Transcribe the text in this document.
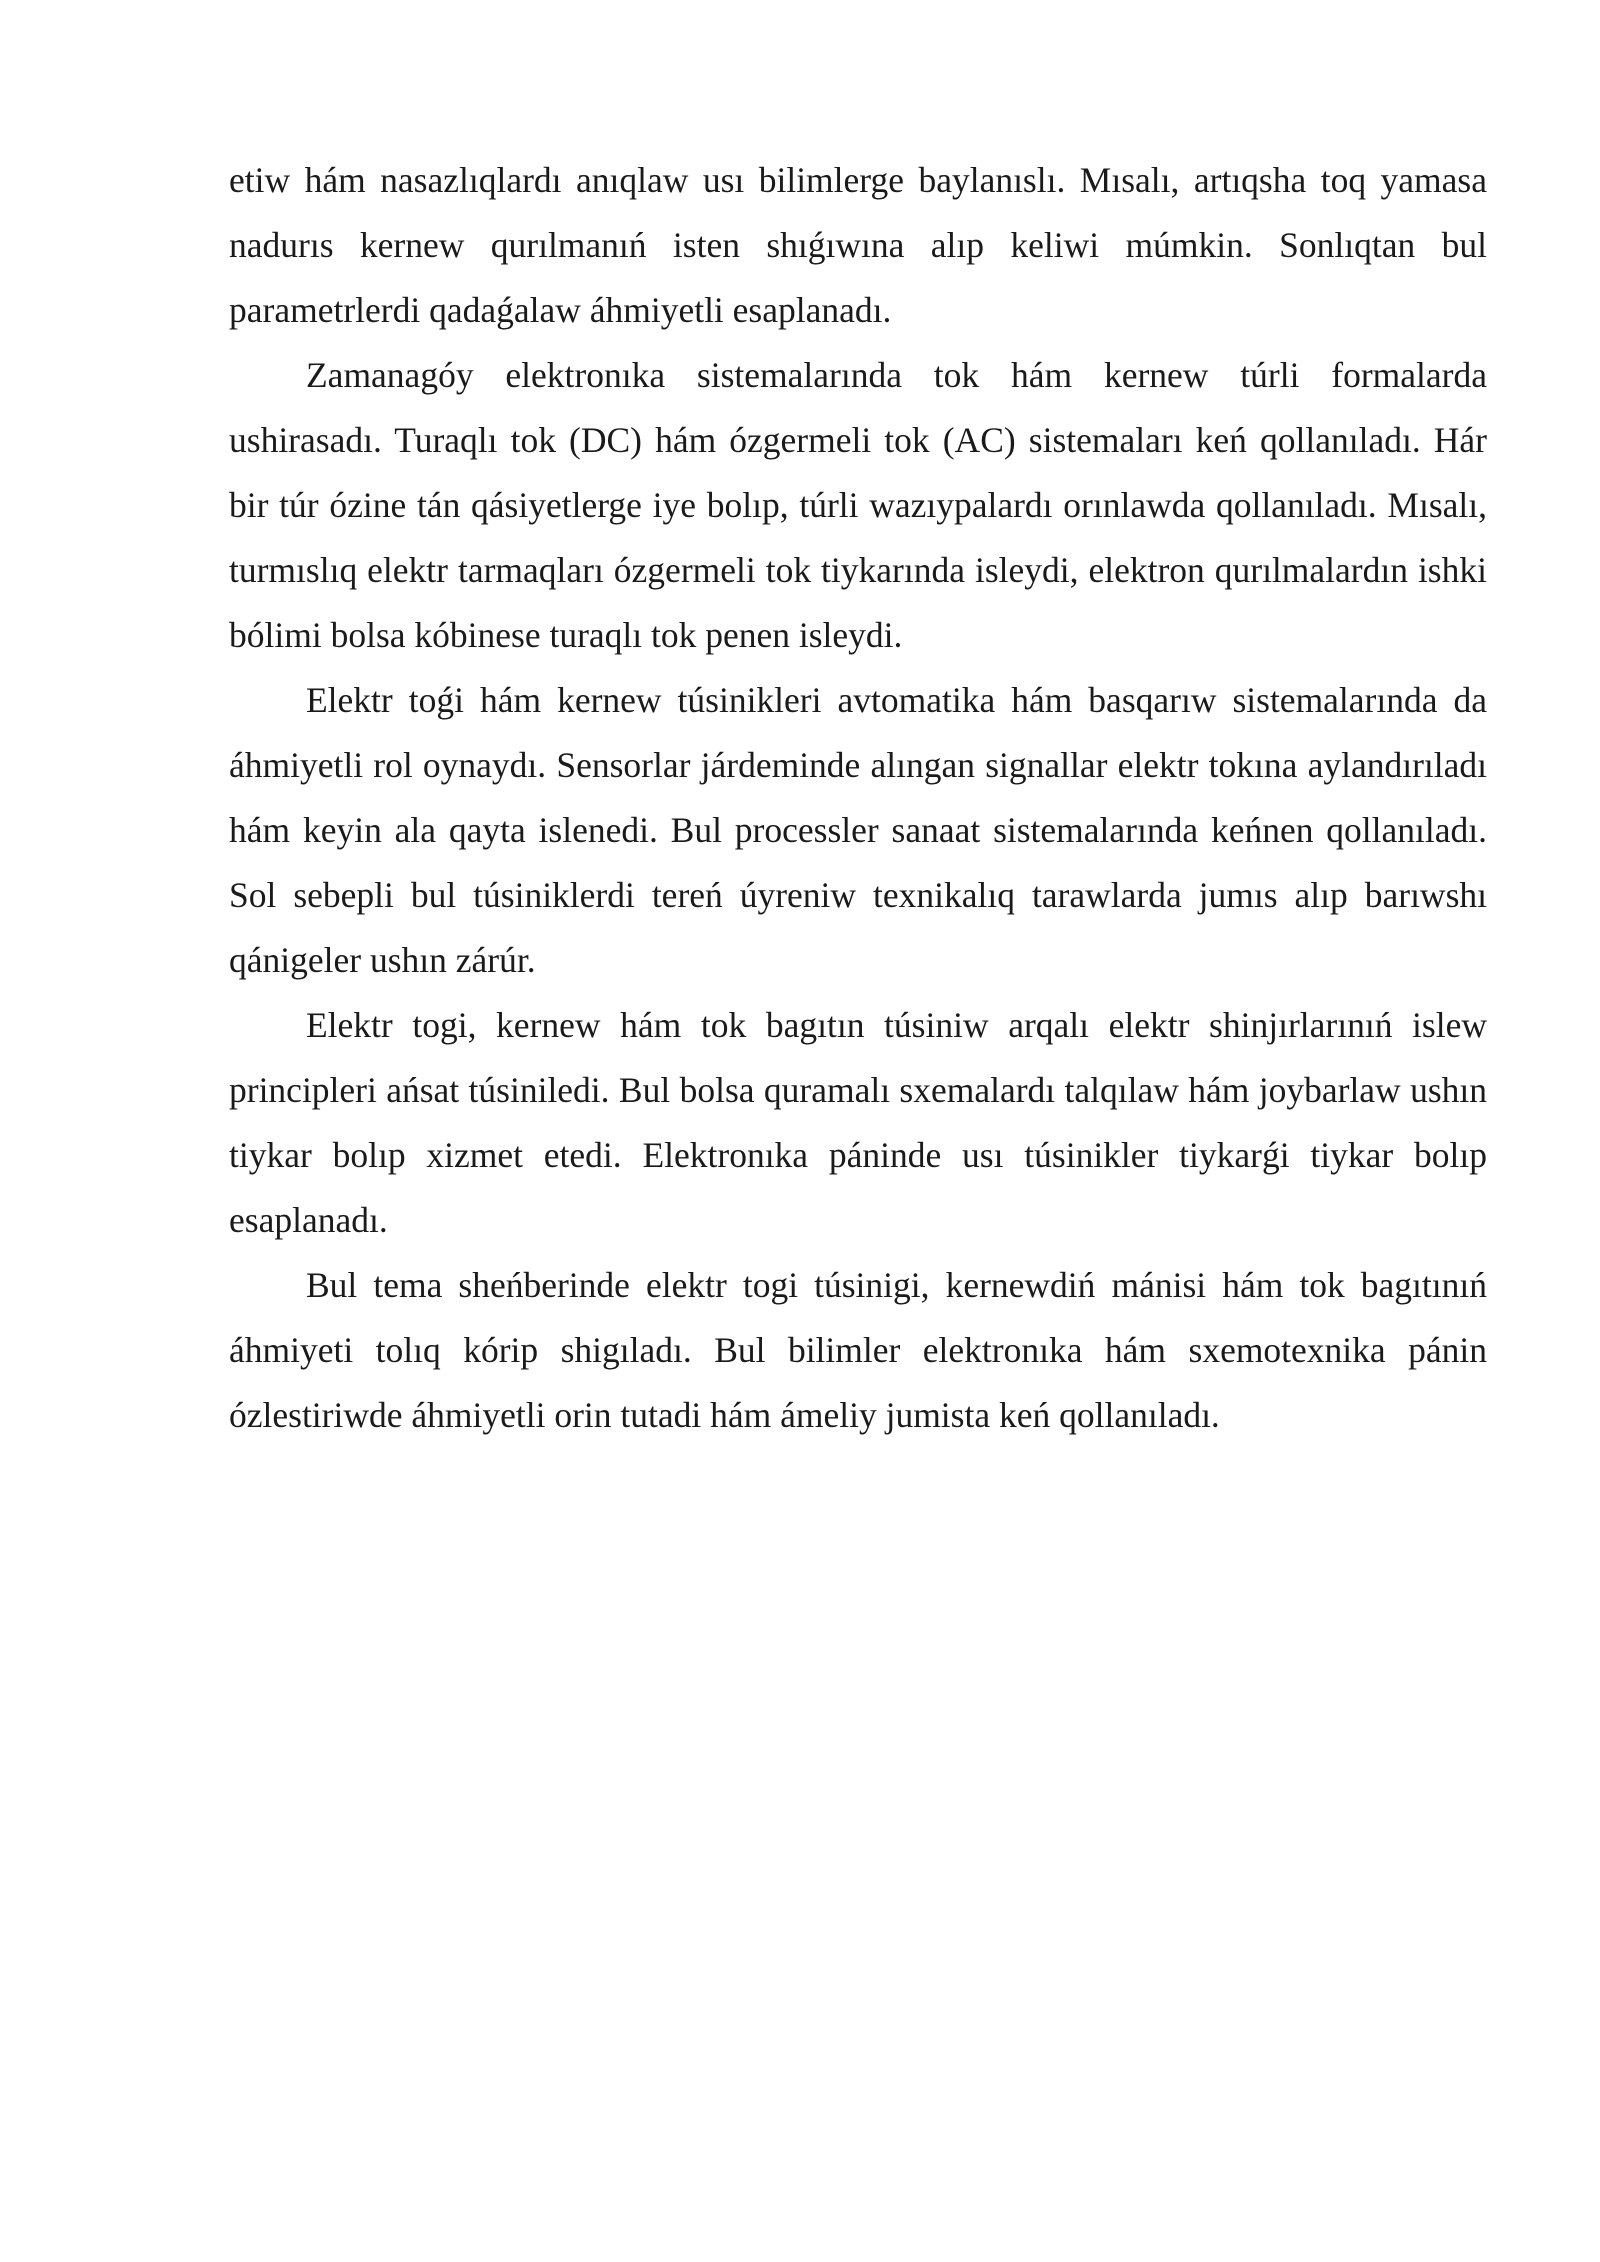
etiw hám nasazlıqlardı anıqlaw usı bilimlerge baylanıslı. Mısalı, artıqsha toq yamasa nadurıs kernew qurılmanıń isten shıǵıwına alıp keliwi múmkin. Sonlıqtan bul parametrlerdi qadaǵalaw áhmiyetli esaplanadı.

Zamanagóy elektronıka sistemalarında tok hám kernew túrli formalarda ushirasadı. Turaqlı tok (DC) hám ózgermeli tok (AC) sistemaları keń qollanıladı. Hár bir túr ózine tán qásiyetlerge iye bolıp, túrli wazıypalardı orınlawda qollanıladı. Mısalı, turmıslıq elektr tarmaqları ózgermeli tok tiykarında isleydi, elektron qurılmalardın ishki bólimi bolsa kóbinese turaqlı tok penen isleydi.

Elektr toǵi hám kernew túsinikleri avtomatika hám basqarıw sistemalarında da áhmiyetli rol oynaydı. Sensorlar járdeminde alıngan signallar elektr tokına aylandırıladı hám keyin ala qayta islenedi. Bul processler sanaat sistemalarında keńnen qollanıladı. Sol sebepli bul túsiniklerdi tereń úyreniw texnikalıq tarawlarda jumıs alıp barıwshı qánigeler ushın zárúr.

Elektr togi, kernew hám tok bagıtın túsiniw arqalı elektr shinjırlarınıń islew principleri ańsat túsiniledi. Bul bolsa quramalı sxemalardı talqılaw hám joybarlaw ushın tiykar bolıp xizmet etedi. Elektronıka páninde usı túsinikler tiykarǵi tiykar bolıp esaplanadı.

Bul tema sheńberinde elektr togi túsinigi, kernewdiń mánisi hám tok bagıtınıń áhmiyeti tolıq kórip shigıladı. Bul bilimler elektronıka hám sxemotexnika pánin ózlestiriwde áhmiyetli orin tutadi hám ámeliy jumista keń qollanıladı.
